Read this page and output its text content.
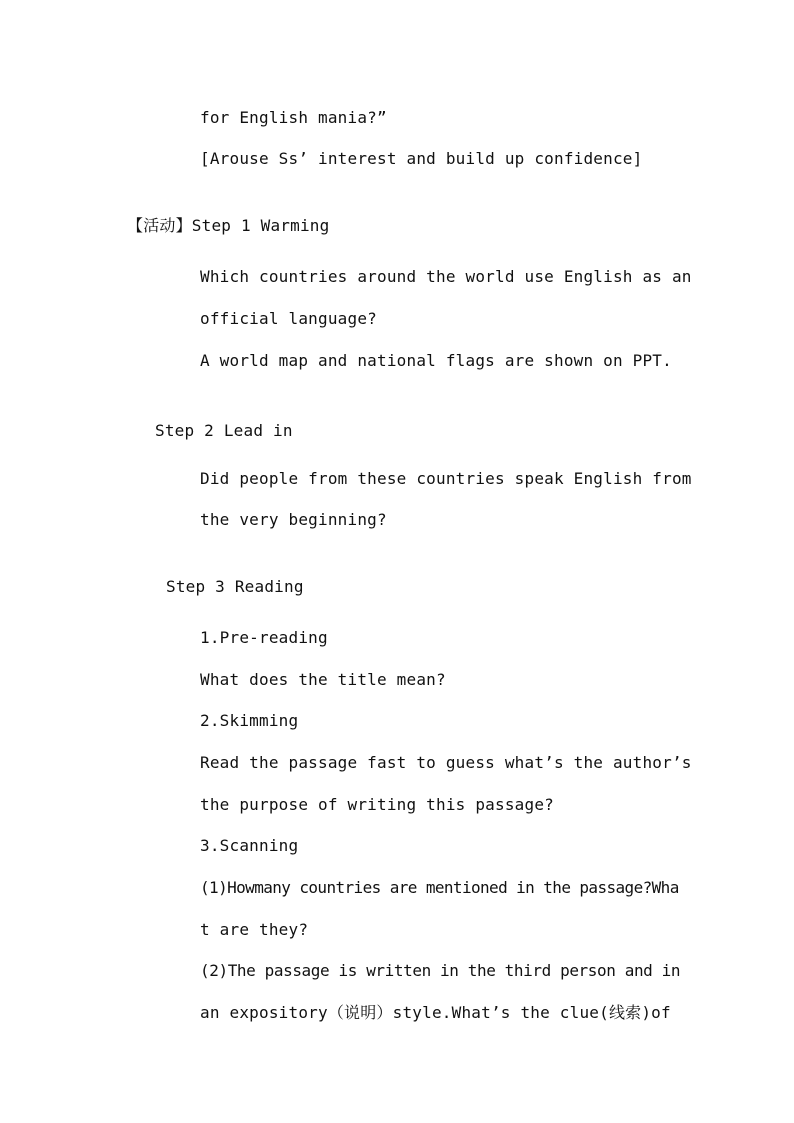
for English mania?”
[Arouse Ss’ interest and build up confidence]
【活动】Step 1 Warming
Which countries around the world use English as an
official language?
A world map and national flags are shown on PPT.
Step 2 Lead in
Did people from these countries speak English from
the very beginning?
Step 3 Reading
1.Pre-reading
What does the title mean?
2.Skimming
Read the passage fast to guess what’s the author’s
the purpose of writing this passage?
3.Scanning
(1)Howmany countries are mentioned in the passage?Wha
t are they?
(2)The passage is written in the third person and in
an expository（说明）style.What’s the clue(线索)of
